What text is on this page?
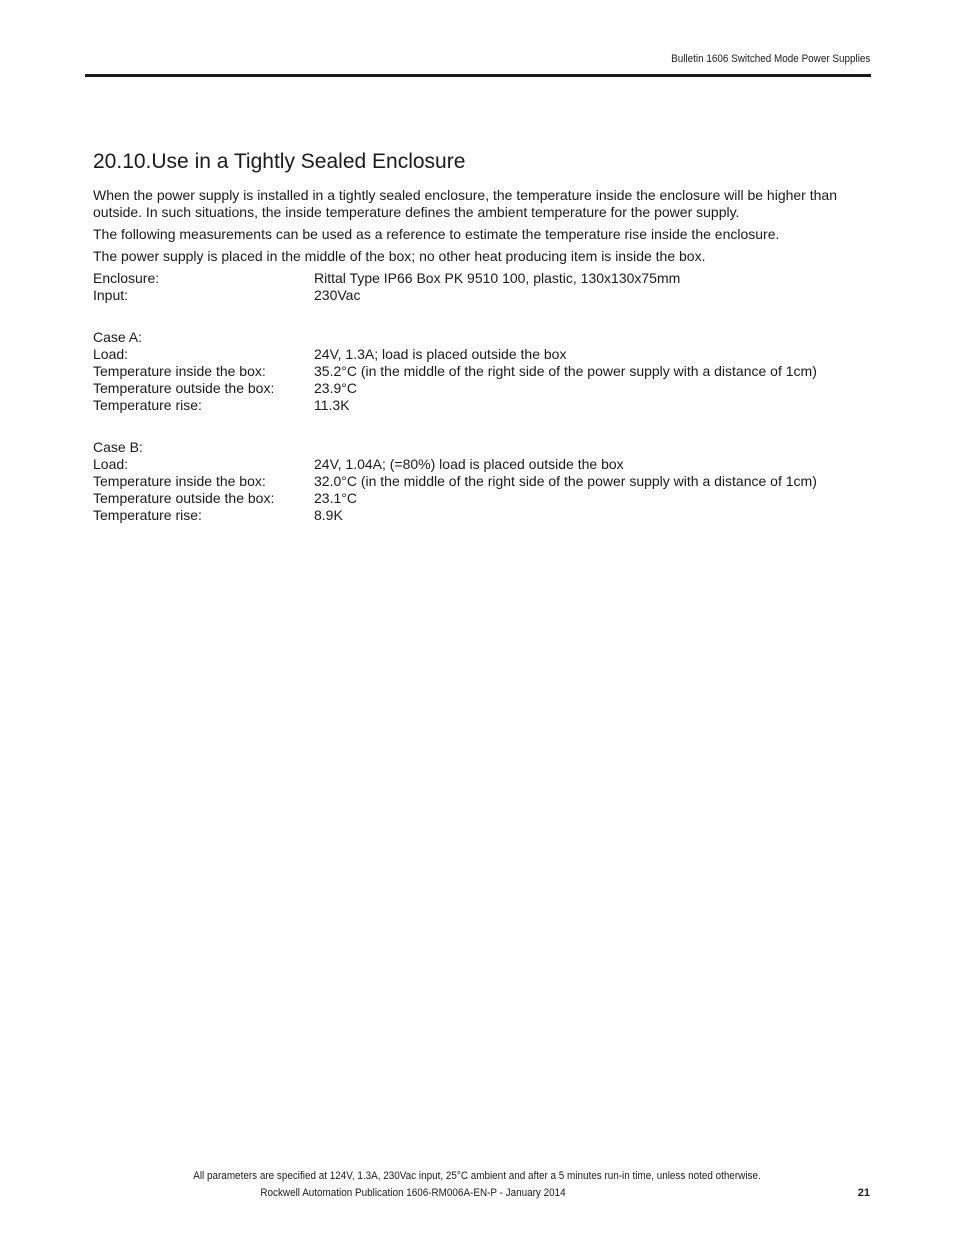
Bulletin 1606 Switched Mode Power Supplies
20.10.Use in a Tightly Sealed Enclosure

When the power supply is installed in a tightly sealed enclosure, the temperature inside the enclosure will be higher than outside. In such situations, the inside temperature defines the ambient temperature for the power supply.

The following measurements can be used as a reference to estimate the temperature rise inside the enclosure.

The power supply is placed in the middle of the box; no other heat producing item is inside the box.

Enclosure:	Rittal Type IP66 Box PK 9510 100, plastic, 130x130x75mm
Input:	230Vac
Case A:
Load:	24V, 1.3A; load is placed outside the box
Temperature inside the box:	35.2°C (in the middle of the right side of the power supply with a distance of 1cm)
Temperature outside the box:	23.9°C
Temperature rise:	11.3K
Case B:
Load:	24V, 1.04A; (=80%) load is placed outside the box
Temperature inside the box:	32.0°C (in the middle of the right side of the power supply with a distance of 1cm)
Temperature outside the box:	23.1°C
Temperature rise:	8.9K
All parameters are specified at 124V, 1.3A, 230Vac input, 25°C ambient and after a 5 minutes run-in time, unless noted otherwise.
Rockwell Automation Publication 1606-RM006A-EN-P - January 2014	21
